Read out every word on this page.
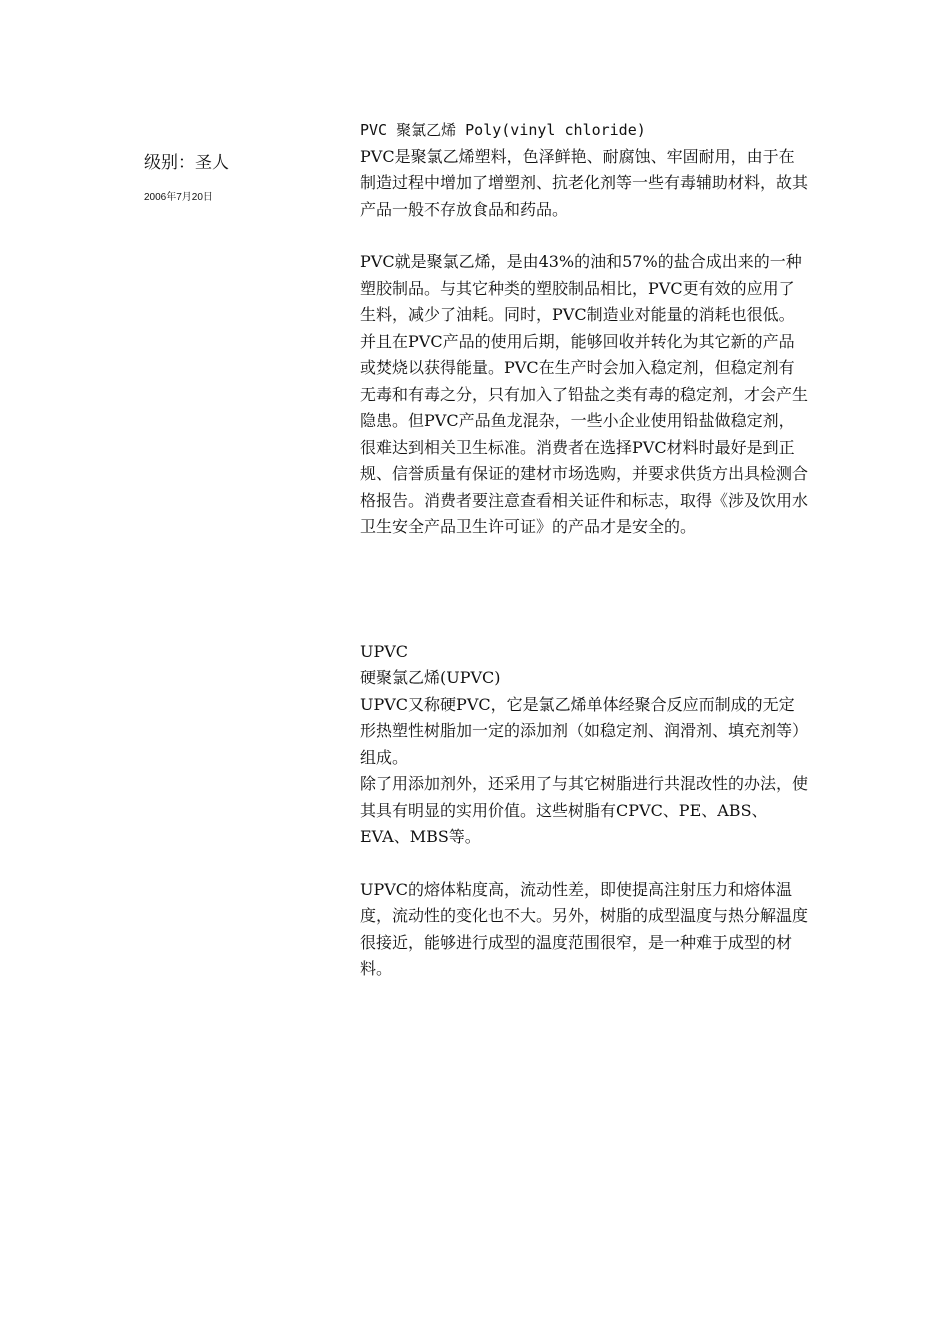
级别：圣人

2006年7月20日

PVC 聚氯乙烯 Poly(vinyl chloride)

PVC是聚氯乙烯塑料，色泽鲜艳、耐腐蚀、牢固耐用，由于在制造过程中增加了增塑剂、抗老化剂等一些有毒辅助材料，故其产品一般不存放食品和药品。

PVC就是聚氯乙烯，是由43%的油和57%的盐合成出来的一种塑胶制品。与其它种类的塑胶制品相比，PVC更有效的应用了生料，减少了油耗。同时，PVC制造业对能量的消耗也很低。并且在PVC产品的使用后期，能够回收并转化为其它新的产品或焚烧以获得能量。PVC在生产时会加入稳定剂，但稳定剂有无毒和有毒之分，只有加入了铅盐之类有毒的稳定剂，才会产生隐患。但PVC产品鱼龙混杂，一些小企业使用铅盐做稳定剂，很难达到相关卫生标准。消费者在选择PVC材料时最好是到正规、信誉质量有保证的建材市场选购，并要求供货方出具检测合格报告。消费者要注意查看相关证件和标志，取得《涉及饮用水卫生安全产品卫生许可证》的产品才是安全的。

UPVC

硬聚氯乙烯(UPVC)

UPVC又称硬PVC，它是氯乙烯单体经聚合反应而制成的无定形热塑性树脂加一定的添加剂（如稳定剂、润滑剂、填充剂等）组成。

除了用添加剂外，还采用了与其它树脂进行共混改性的办法，使其具有明显的实用价值。这些树脂有CPVC、PE、ABS、EVA、MBS等。

UPVC的熔体粘度高，流动性差，即使提高注射压力和熔体温度，流动性的变化也不大。另外，树脂的成型温度与热分解温度很接近，能够进行成型的温度范围很窄，是一种难于成型的材料。
